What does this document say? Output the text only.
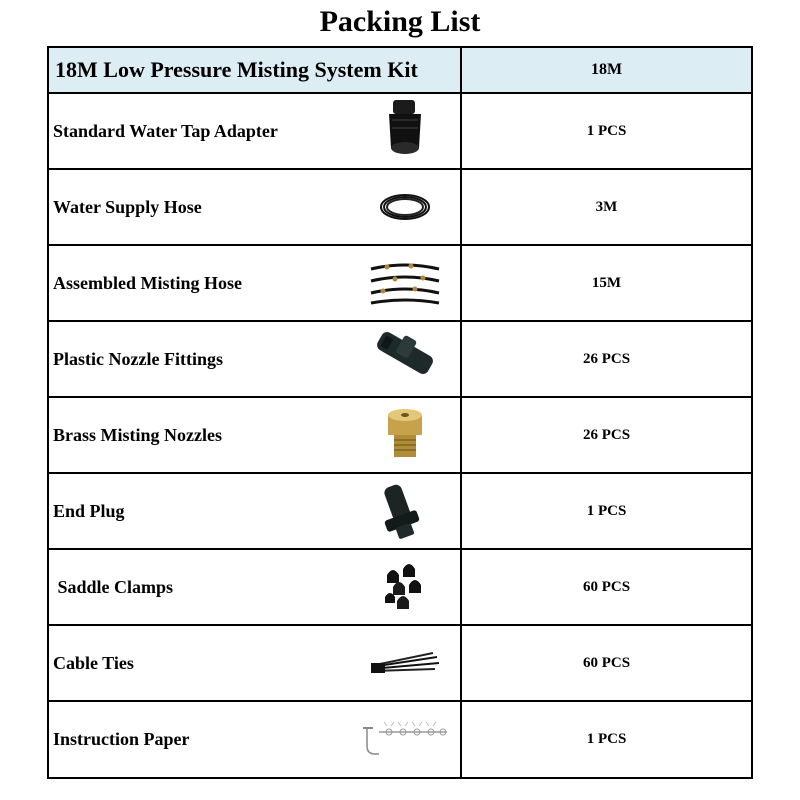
Packing List
18M Low Pressure Misting System Kit	18M

Standard Water Tap Adapter	1 PCS

Water Supply Hose	3M

Assembled Misting Hose	15M

Plastic Nozzle Fittings	26 PCS

Brass Misting Nozzles	26 PCS

End Plug	1 PCS

Saddle Clamps	60 PCS

Cable Ties	60 PCS

Instruction Paper	1 PCS
